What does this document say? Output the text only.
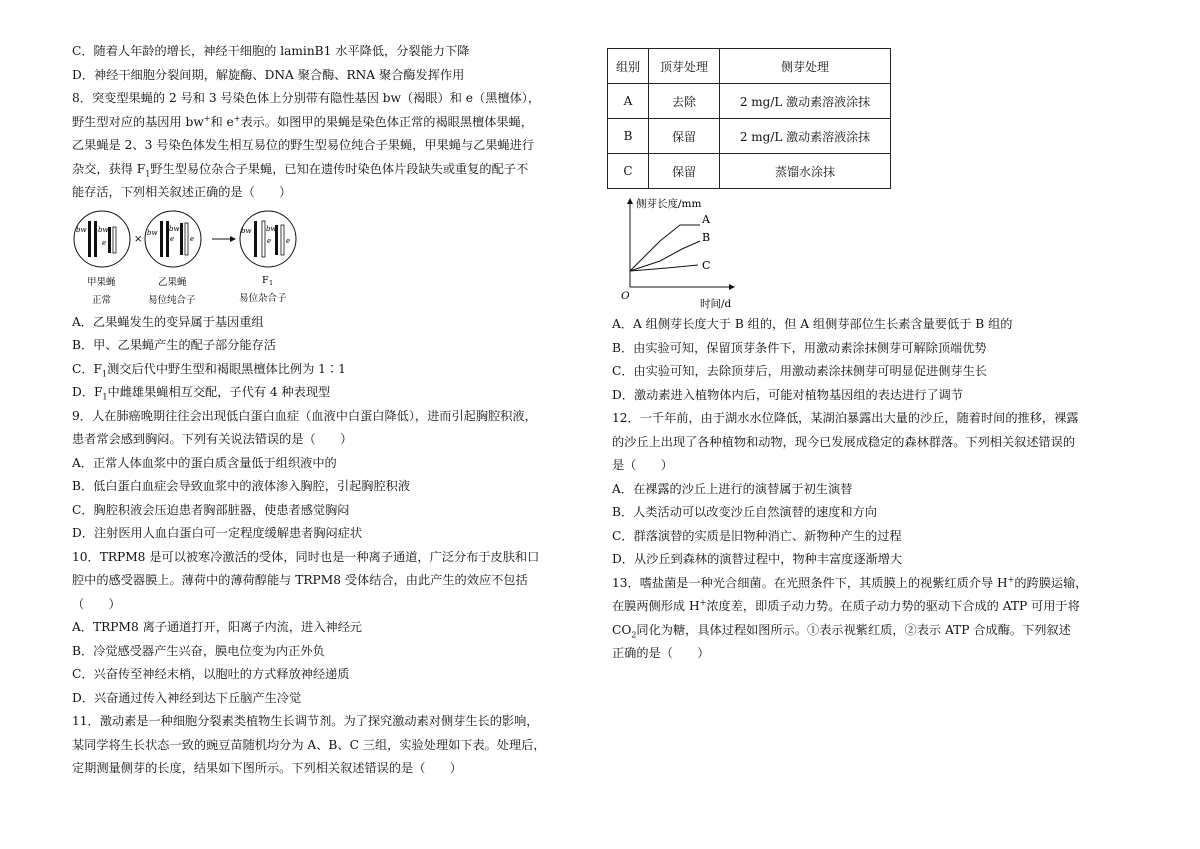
C．随着人年龄的增长，神经干细胞的 laminB1 水平降低，分裂能力下降
D．神经干细胞分裂间期，解旋酶、DNA 聚合酶、RNA 聚合酶发挥作用
8．突变型果蝇的 2 号和 3 号染色体上分别带有隐性基因 bw（褐眼）和 e（黑檀体），
野生型对应的基因用 bw+和 e+表示。如图甲的果蝇是染色体正常的褐眼黑檀体果蝇，
乙果蝇是 2、3 号染色体发生相互易位的野生型易位纯合子果蝇，甲果蝇与乙果蝇进行
杂交，获得 $F_1$野生型易位杂合子果蝇，已知在遗传时染色体片段缺失或重复的配子不
能存活，下列相关叙述正确的是（　　）
bw bw
e	×
bw bw
e e
bw bw
e e
甲果蝇
正常
乙果蝇
易位纯合子
F 1
易位杂合子
A．乙果蝇发生的变异属于基因重组
B．甲、乙果蝇产生的配子部分能存活
C．$F_1$测交后代中野生型和褐眼黑檀体比例为 1∶1
D．$F_1$中雌雄果蝇相互交配，子代有 4 种表现型
9．人在肺癌晚期往往会出现低白蛋白血症（血液中白蛋白降低），进而引起胸腔积液，
患者常会感到胸闷。下列有关说法错误的是（　　）
A．正常人体血浆中的蛋白质含量低于组织液中的
B．低白蛋白血症会导致血浆中的液体渗入胸腔，引起胸腔积液
C．胸腔积液会压迫患者胸部脏器，使患者感觉胸闷
D．注射医用人血白蛋白可一定程度缓解患者胸闷症状
10．TRPM8 是可以被寒冷激活的受体，同时也是一种离子通道，广泛分布于皮肤和口
腔中的感受器膜上。薄荷中的薄荷醇能与 TRPM8 受体结合，由此产生的效应不包括
（　　）
A．TRPM8 离子通道打开，阳离子内流，进入神经元
B．冷觉感受器产生兴奋，膜电位变为内正外负
C．兴奋传至神经末梢，以胞吐的方式释放神经递质
D．兴奋通过传入神经到达下丘脑产生冷觉
11．激动素是一种细胞分裂素类植物生长调节剂。为了探究激动素对侧芽生长的影响，
某同学将生长状态一致的豌豆苗随机均分为 A、B、C 三组，实验处理如下表。处理后，
定期测量侧芽的长度，结果如下图所示。下列相关叙述错误的是（　　）
组别	顶芽处理	侧芽处理
A	去除	2 mg/L 激动素溶液涂抹
B	保留	2 mg/L 激动素溶液涂抹
C	保留	蒸馏水涂抹
侧芽长度/mm
时间/d
O
A
B
C
A．A 组侧芽长度大于 B 组的，但 A 组侧芽部位生长素含量要低于 B 组的
B．由实验可知，保留顶芽条件下，用激动素涂抹侧芽可解除顶端优势
C．由实验可知，去除顶芽后，用激动素涂抹侧芽可明显促进侧芽生长
D．激动素进入植物体内后，可能对植物基因组的表达进行了调节
12．一千年前，由于湖水水位降低，某湖泊暴露出大量的沙丘，随着时间的推移，裸露
的沙丘上出现了各种植物和动物，现今已发展成稳定的森林群落。下列相关叙述错误的
是（　　）
A．在裸露的沙丘上进行的演替属于初生演替
B．人类活动可以改变沙丘自然演替的速度和方向
C．群落演替的实质是旧物种消亡、新物种产生的过程
D．从沙丘到森林的演替过程中，物种丰富度逐渐增大
13．嗜盐菌是一种光合细菌。在光照条件下，其质膜上的视紫红质介导 H+的跨膜运输，
在膜两侧形成 H+浓度差，即质子动力势。在质子动力势的驱动下合成的 ATP 可用于将
$CO_2$同化为糖，具体过程如图所示。①表示视紫红质，②表示 ATP 合成酶。下列叙述
正确的是（　　）
